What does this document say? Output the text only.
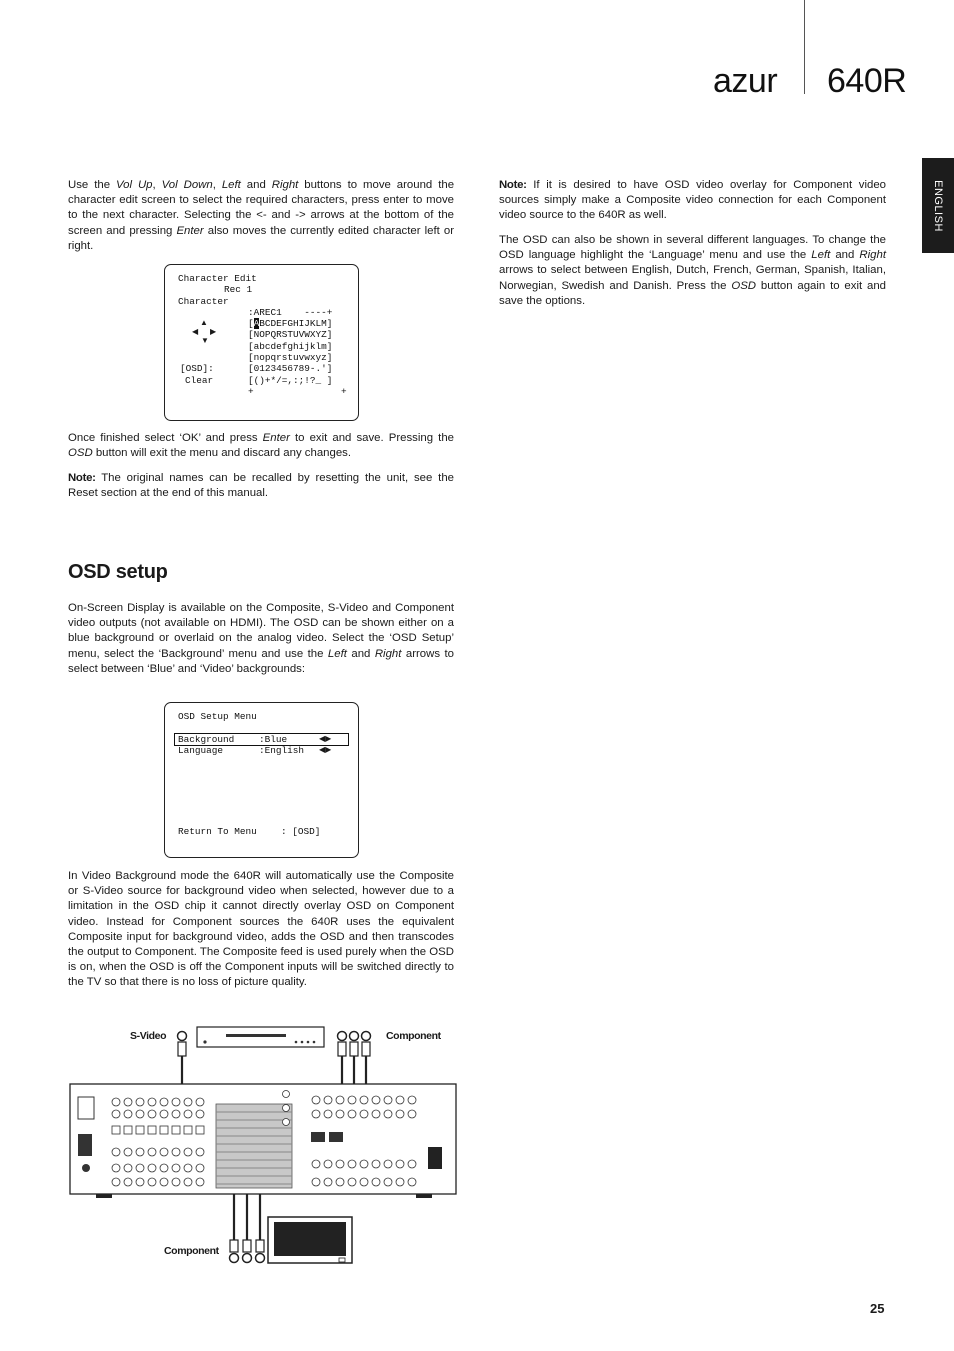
azur 640R
ENGLISH

Use the Vol Up, Vol Down, Left and Right buttons to move around the character edit screen to select the required characters, press enter to move to the next character. Selecting the <- and -> arrows at the bottom of the screen and pressing Enter also moves the currently edited character left or right.

Character Edit
Rec 1
Character
:AREC1    ----+
[ABCDEFGHIJKLM]
[NOPQRSTUVWXYZ]
[abcdefghijklm]
[nopqrstuvwxyz]
[0123456789-.']
[()+*/=,:;!?_ ]
+	+
▲
◀ ▶
▼
[OSD]:
Clear

Once finished select ‘OK’ and press Enter to exit and save. Pressing the OSD button will exit the menu and discard any changes.

Note: The original names can be recalled by resetting the unit, see the Reset section at the end of this manual.

OSD setup

On-Screen Display is available on the Composite, S-Video and Component video outputs (not available on HDMI). The OSD can be shown either on a blue background or overlaid on the analog video. Select the ‘OSD Setup’ menu, select the ‘Background’ menu and use the Left and Right arrows to select between ‘Blue’ and ‘Video’ backgrounds:

OSD Setup Menu
Background	:Blue	◀▶
Language	:English ◀▶
Return To Menu	: [OSD]

In Video Background mode the 640R will automatically use the Composite or S-Video source for background video when selected, however due to a limitation in the OSD chip it cannot directly overlay OSD on Component video. Instead for Component sources the 640R uses the equivalent Composite input for background video, adds the OSD and then transcodes the output to Component. The Composite feed is used purely when the OSD is on, when the OSD is off the Component inputs will be switched directly to the TV so that there is no loss of picture quality.

Note: If it is desired to have OSD video overlay for Component video sources simply make a Composite video connection for each Component video source to the 640R as well.

The OSD can also be shown in several different languages. To change the OSD language highlight the ‘Language’ menu and use the Left and Right arrows to select between English, Dutch, French, German, Spanish, Italian, Norwegian, Swedish and Danish. Press the OSD button again to exit and save the options.

S-Video	Component
Component
25
